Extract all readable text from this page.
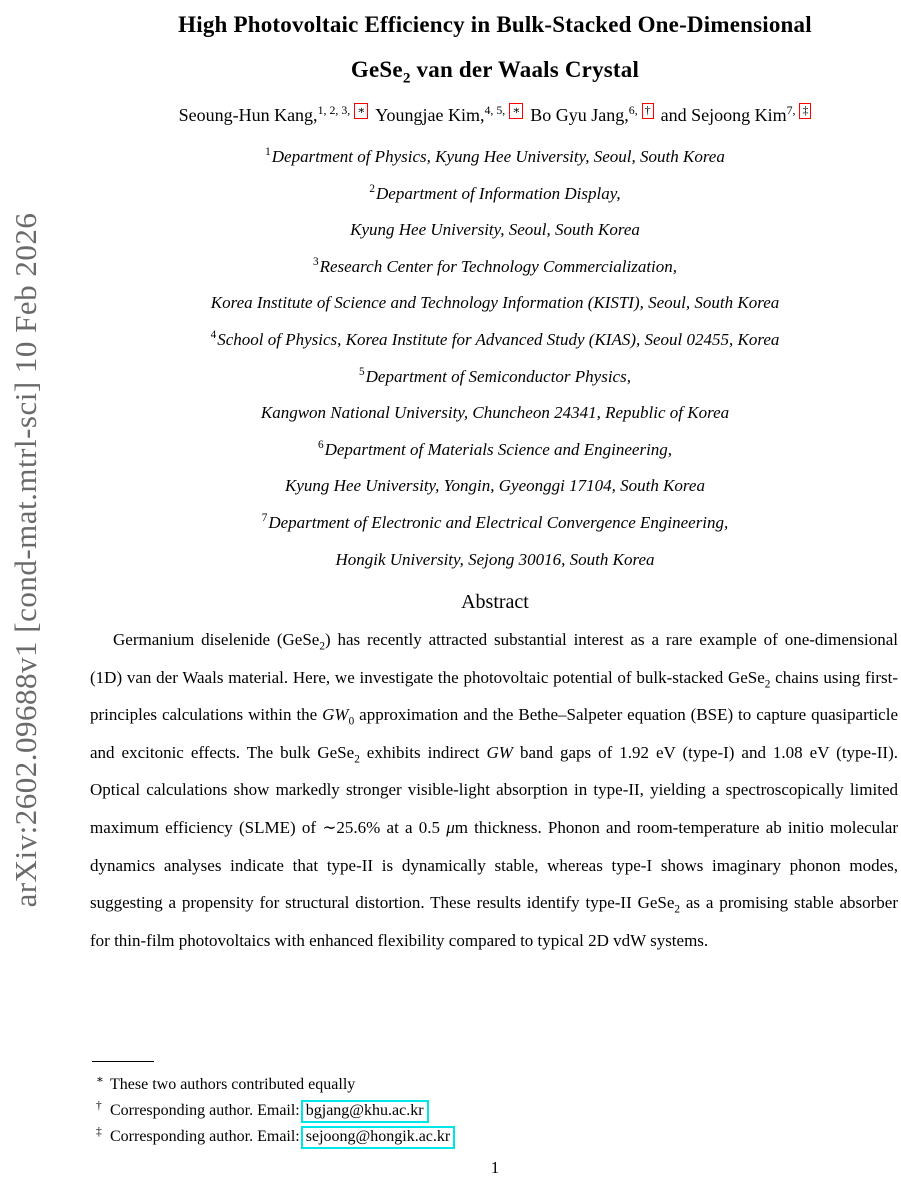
arXiv:2602.09688v1 [cond-mat.mtrl-sci] 10 Feb 2026
High Photovoltaic Efficiency in Bulk-Stacked One-Dimensional
GeSe$_2$ van der Waals Crystal
Seoung-Hun Kang,$^{1, 2, 3, ∗}$ Youngjae Kim,$^{4, 5, ∗}$ Bo Gyu Jang,$^{6, \dagger}$ and Sejoong Kim$^{7, \ddagger}$
$^1$Department of Physics, Kyung Hee University, Seoul, South Korea
$^2$Department of Information Display,
Kyung Hee University, Seoul, South Korea
$^3$Research Center for Technology Commercialization,
Korea Institute of Science and Technology Information (KISTI), Seoul, South Korea
$^4$School of Physics, Korea Institute for Advanced Study (KIAS), Seoul 02455, Korea
$^5$Department of Semiconductor Physics,
Kangwon National University, Chuncheon 24341, Republic of Korea
$^6$Department of Materials Science and Engineering,
Kyung Hee University, Yongin, Gyeonggi 17104, South Korea
$^7$Department of Electronic and Electrical Convergence Engineering,
Hongik University, Sejong 30016, South Korea
Abstract
Germanium diselenide (GeSe$_2$) has recently attracted substantial interest as a rare example of one-dimensional (1D) van der Waals material. Here, we investigate the photovoltaic potential of bulk-stacked GeSe$_2$ chains using first-principles calculations within the $GW_0$ approximation and the Bethe–Salpeter equation (BSE) to capture quasiparticle and excitonic effects. The bulk GeSe$_2$ exhibits indirect GW band gaps of 1.92 eV (type-I) and 1.08 eV (type-II). Optical calculations show markedly stronger visible-light absorption in type-II, yielding a spectroscopically limited maximum efficiency (SLME) of ∼25.6% at a 0.5 μm thickness. Phonon and room-temperature ab initio molecular dynamics analyses indicate that type-II is dynamically stable, whereas type-I shows imaginary phonon modes, suggesting a propensity for structural distortion. These results identify type-II GeSe$_2$ as a promising stable absorber for thin-film photovoltaics with enhanced flexibility compared to typical 2D vdW systems.
∗ These two authors contributed equally
† Corresponding author. Email: bgjang@khu.ac.kr
‡ Corresponding author. Email: sejoong@hongik.ac.kr
1
